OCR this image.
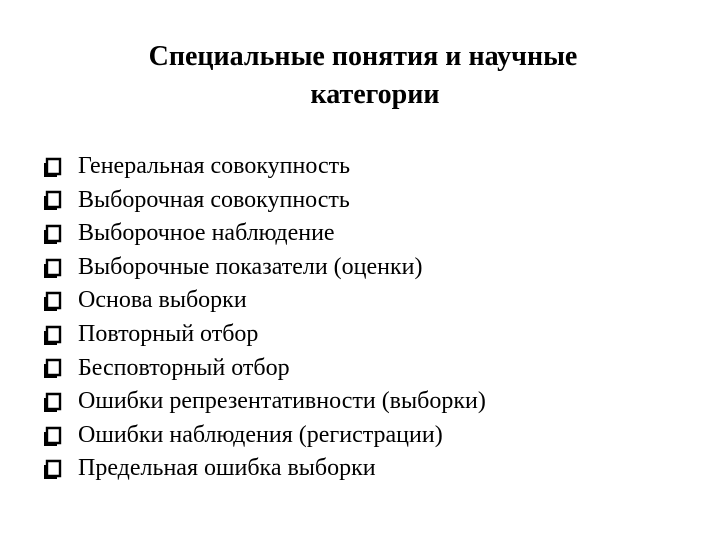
Специальные понятия и научные
категории
Генеральная совокупность
Выборочная совокупность
Выборочное наблюдение
Выборочные показатели (оценки)
Основа выборки
Повторный отбор
Бесповторный отбор
Ошибки репрезентативности (выборки)
Ошибки наблюдения (регистрации)
Предельная ошибка выборки
